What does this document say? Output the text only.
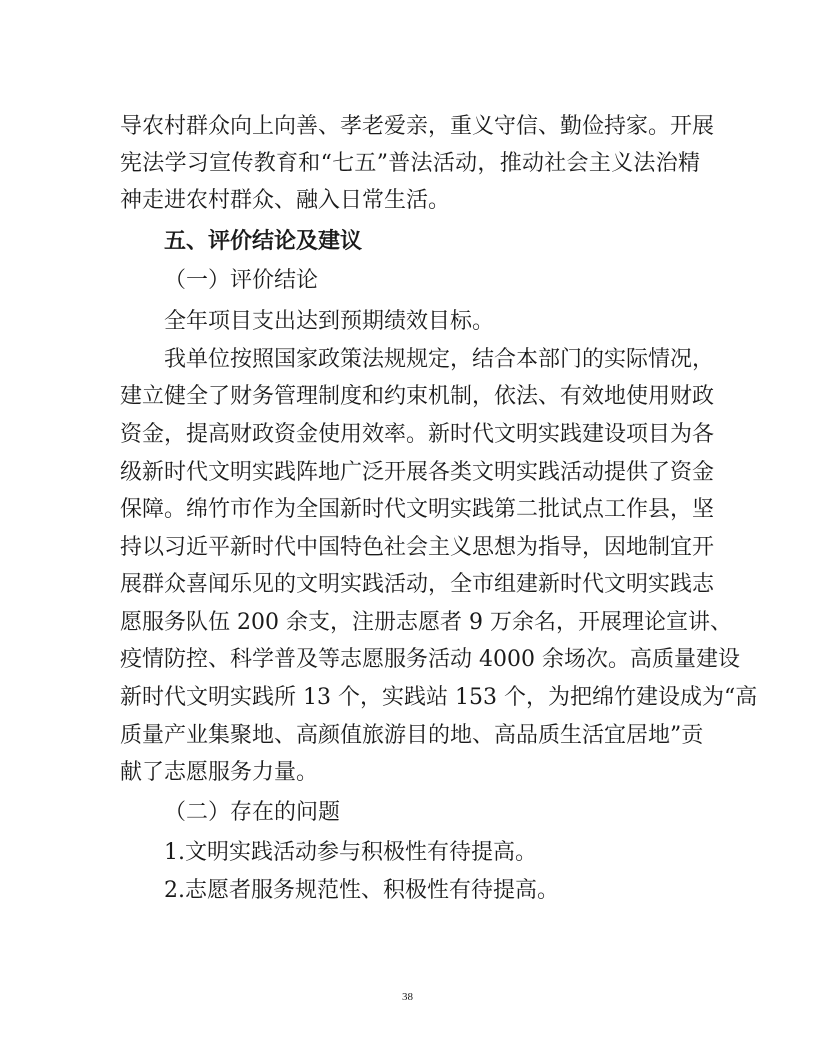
导农村群众向上向善、孝老爱亲，重义守信、勤俭持家。开展
宪法学习宣传教育和“七五”普法活动，推动社会主义法治精
神走进农村群众、融入日常生活。
五、评价结论及建议
（一）评价结论
全年项目支出达到预期绩效目标。
我单位按照国家政策法规规定，结合本部门的实际情况，
建立健全了财务管理制度和约束机制，依法、有效地使用财政
资金，提高财政资金使用效率。新时代文明实践建设项目为各
级新时代文明实践阵地广泛开展各类文明实践活动提供了资金
保障。绵竹市作为全国新时代文明实践第二批试点工作县，坚
持以习近平新时代中国特色社会主义思想为指导，因地制宜开
展群众喜闻乐见的文明实践活动，全市组建新时代文明实践志
愿服务队伍 200 余支，注册志愿者 9 万余名，开展理论宣讲、
疫情防控、科学普及等志愿服务活动 4000 余场次。高质量建设
新时代文明实践所 13 个，实践站 153 个，为把绵竹建设成为“高
质量产业集聚地、高颜值旅游目的地、高品质生活宜居地”贡
献了志愿服务力量。
（二）存在的问题
1.文明实践活动参与积极性有待提高。
2.志愿者服务规范性、积极性有待提高。
38
